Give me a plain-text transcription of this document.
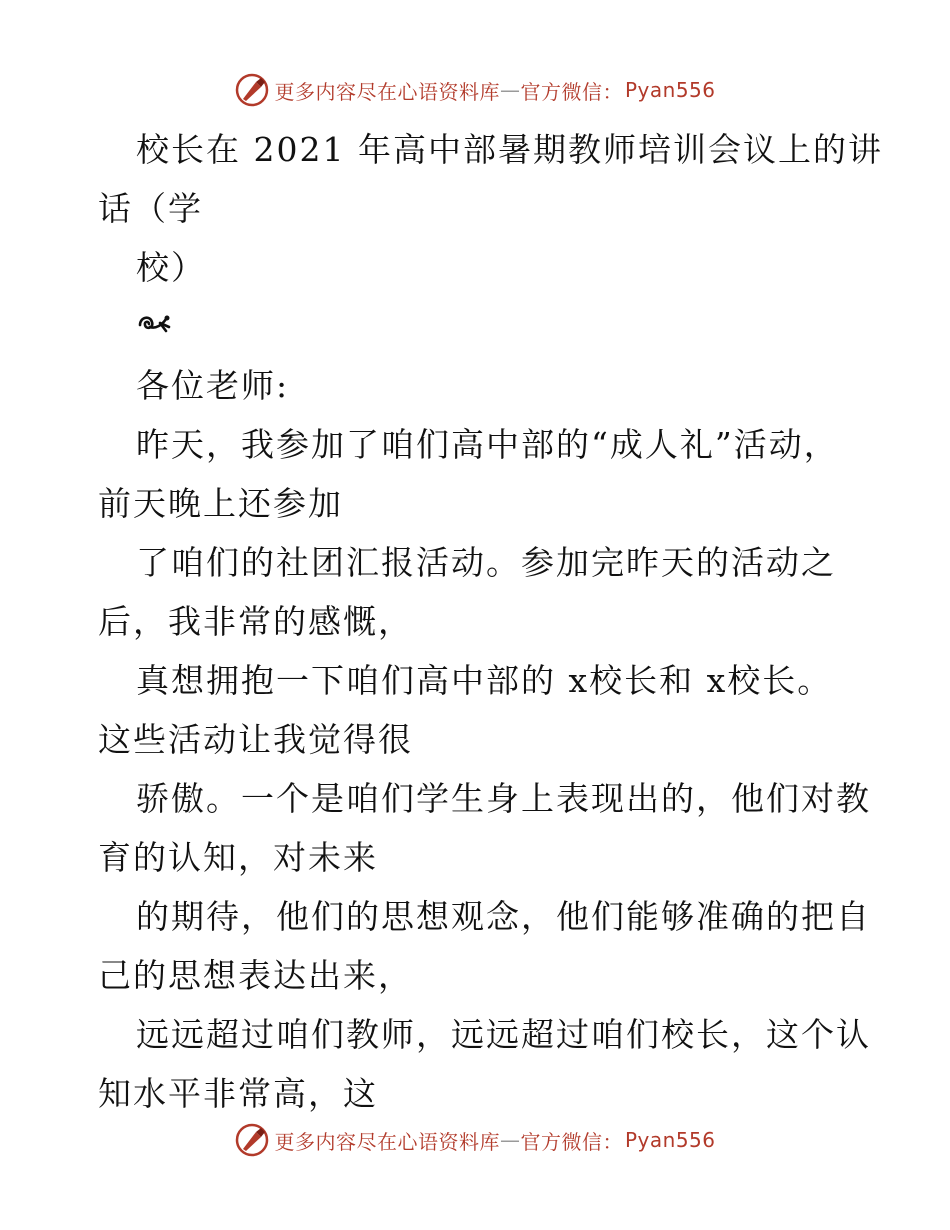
更多内容尽在心语资料库 — 官方微信： Pyan556
校长在 2021 年高中部暑期教师培训会议上的讲
话（学
校）
各位老师:
昨天，我参加了咱们高中部的“成人礼”活动，
前天晚上还参加
了咱们的社团汇报活动。参加完昨天的活动之
后，我非常的感慨，
真想拥抱一下咱们高中部的 x校长和 x校长。
这些活动让我觉得很
骄傲。一个是咱们学生身上表现出的，他们对教
育的认知，对未来
的期待，他们的思想观念，他们能够准确的把自
己的思想表达出来，
远远超过咱们教师，远远超过咱们校长，这个认
知水平非常高，这
更多内容尽在心语资料库 — 官方微信： Pyan556
